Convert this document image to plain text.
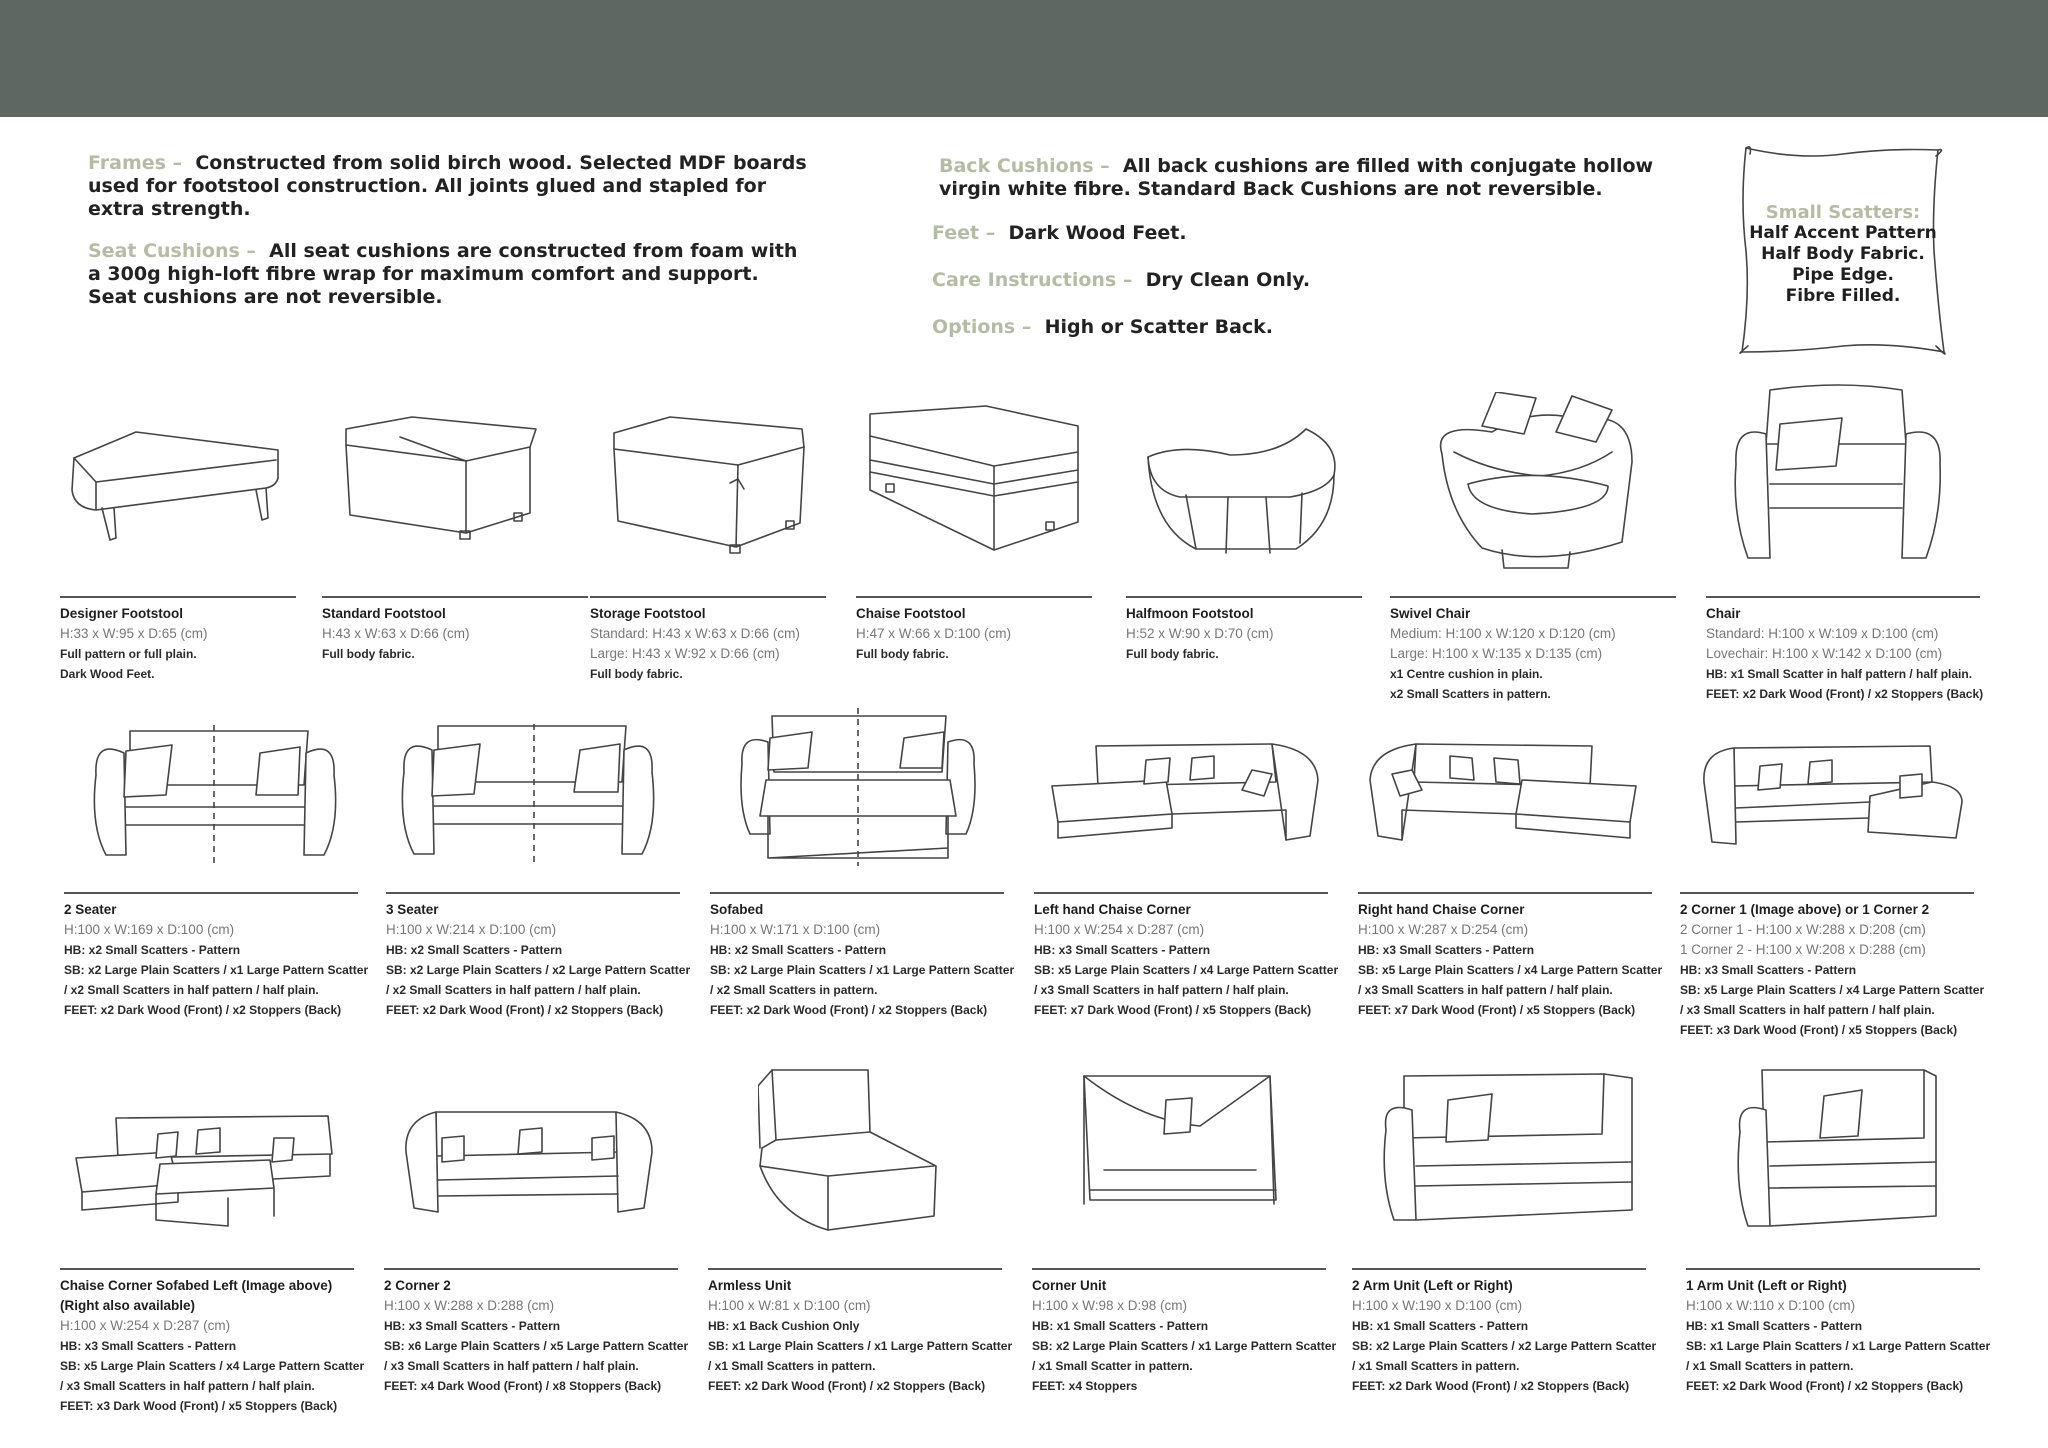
Frames – Constructed from solid birch wood. Selected MDF boards used for footstool construction. All joints glued and stapled for extra strength.
Seat Cushions – All seat cushions are constructed from foam with a 300g high-loft fibre wrap for maximum comfort and support. Seat cushions are not reversible.
Back Cushions – All back cushions are filled with conjugate hollow virgin white fibre. Standard Back Cushions are not reversible.
Feet – Dark Wood Feet.
Care Instructions – Dry Clean Only.
Options – High or Scatter Back.
Small Scatters:
Half Accent Pattern
Half Body Fabric.
Pipe Edge.
Fibre Filled.
Designer Footstool
H:33 x W:95 x D:65 (cm)
Full pattern or full plain.
Dark Wood Feet.
Standard Footstool
H:43 x W:63 x D:66 (cm)
Full body fabric.
Storage Footstool
Standard: H:43 x W:63 x D:66 (cm)
Large: H:43 x W:92 x D:66 (cm)
Full body fabric.
Chaise Footstool
H:47 x W:66 x D:100 (cm)
Full body fabric.
Halfmoon Footstool
H:52 x W:90 x D:70 (cm)
Full body fabric.
Swivel Chair
Medium: H:100 x W:120 x D:120 (cm)
Large: H:100 x W:135 x D:135 (cm)
x1 Centre cushion in plain.
x2 Small Scatters in pattern.
Chair
Standard: H:100 x W:109 x D:100 (cm)
Lovechair: H:100 x W:142 x D:100 (cm)
HB: x1 Small Scatter in half pattern / half plain.
FEET: x2 Dark Wood (Front) / x2 Stoppers (Back)
2 Seater
H:100 x W:169 x D:100 (cm)
HB: x2 Small Scatters - Pattern
SB: x2 Large Plain Scatters / x1 Large Pattern Scatter
/ x2 Small Scatters in half pattern / half plain.
FEET: x2 Dark Wood (Front) / x2 Stoppers (Back)
3 Seater
H:100 x W:214 x D:100 (cm)
HB: x2 Small Scatters - Pattern
SB: x2 Large Plain Scatters / x2 Large Pattern Scatter
/ x2 Small Scatters in half pattern / half plain.
FEET: x2 Dark Wood (Front) / x2 Stoppers (Back)
Sofabed
H:100 x W:171 x D:100 (cm)
HB: x2 Small Scatters - Pattern
SB: x2 Large Plain Scatters / x1 Large Pattern Scatter
/ x2 Small Scatters in pattern.
FEET: x2 Dark Wood (Front) / x2 Stoppers (Back)
Left hand Chaise Corner
H:100 x W:254 x D:287 (cm)
HB: x3 Small Scatters - Pattern
SB: x5 Large Plain Scatters / x4 Large Pattern Scatter
/ x3 Small Scatters in half pattern / half plain.
FEET: x7 Dark Wood (Front) / x5 Stoppers (Back)
Right hand Chaise Corner
H:100 x W:287 x D:254 (cm)
HB: x3 Small Scatters - Pattern
SB: x5 Large Plain Scatters / x4 Large Pattern Scatter
/ x3 Small Scatters in half pattern / half plain.
FEET: x7 Dark Wood (Front) / x5 Stoppers (Back)
2 Corner 1 (Image above) or 1 Corner 2
2 Corner 1 - H:100 x W:288 x D:208 (cm)
1 Corner 2 - H:100 x W:208 x D:288 (cm)
HB: x3 Small Scatters - Pattern
SB: x5 Large Plain Scatters / x4 Large Pattern Scatter
/ x3 Small Scatters in half pattern / half plain.
FEET: x3 Dark Wood (Front) / x5 Stoppers (Back)
Chaise Corner Sofabed Left (Image above)
(Right also available)
H:100 x W:254 x D:287 (cm)
HB: x3 Small Scatters - Pattern
SB: x5 Large Plain Scatters / x4 Large Pattern Scatter
/ x3 Small Scatters in half pattern / half plain.
FEET: x3 Dark Wood (Front) / x5 Stoppers (Back)
2 Corner 2
H:100 x W:288 x D:288 (cm)
HB: x3 Small Scatters - Pattern
SB: x6 Large Plain Scatters / x5 Large Pattern Scatter
/ x3 Small Scatters in half pattern / half plain.
FEET: x4 Dark Wood (Front) / x8 Stoppers (Back)
Armless Unit
H:100 x W:81 x D:100 (cm)
HB: x1 Back Cushion Only
SB: x1 Large Plain Scatters / x1 Large Pattern Scatter
/ x1 Small Scatters in pattern.
FEET: x2 Dark Wood (Front) / x2 Stoppers (Back)
Corner Unit
H:100 x W:98 x D:98 (cm)
HB: x1 Small Scatters - Pattern
SB: x2 Large Plain Scatters / x1 Large Pattern Scatter
/ x1 Small Scatter in pattern.
FEET: x4 Stoppers
2 Arm Unit (Left or Right)
H:100 x W:190 x D:100 (cm)
HB: x1 Small Scatters - Pattern
SB: x2 Large Plain Scatters / x2 Large Pattern Scatter
/ x1 Small Scatters in pattern.
FEET: x2 Dark Wood (Front) / x2 Stoppers (Back)
1 Arm Unit (Left or Right)
H:100 x W:110 x D:100 (cm)
HB: x1 Small Scatters - Pattern
SB: x1 Large Plain Scatters / x1 Large Pattern Scatter
/ x1 Small Scatters in pattern.
FEET: x2 Dark Wood (Front) / x2 Stoppers (Back)
